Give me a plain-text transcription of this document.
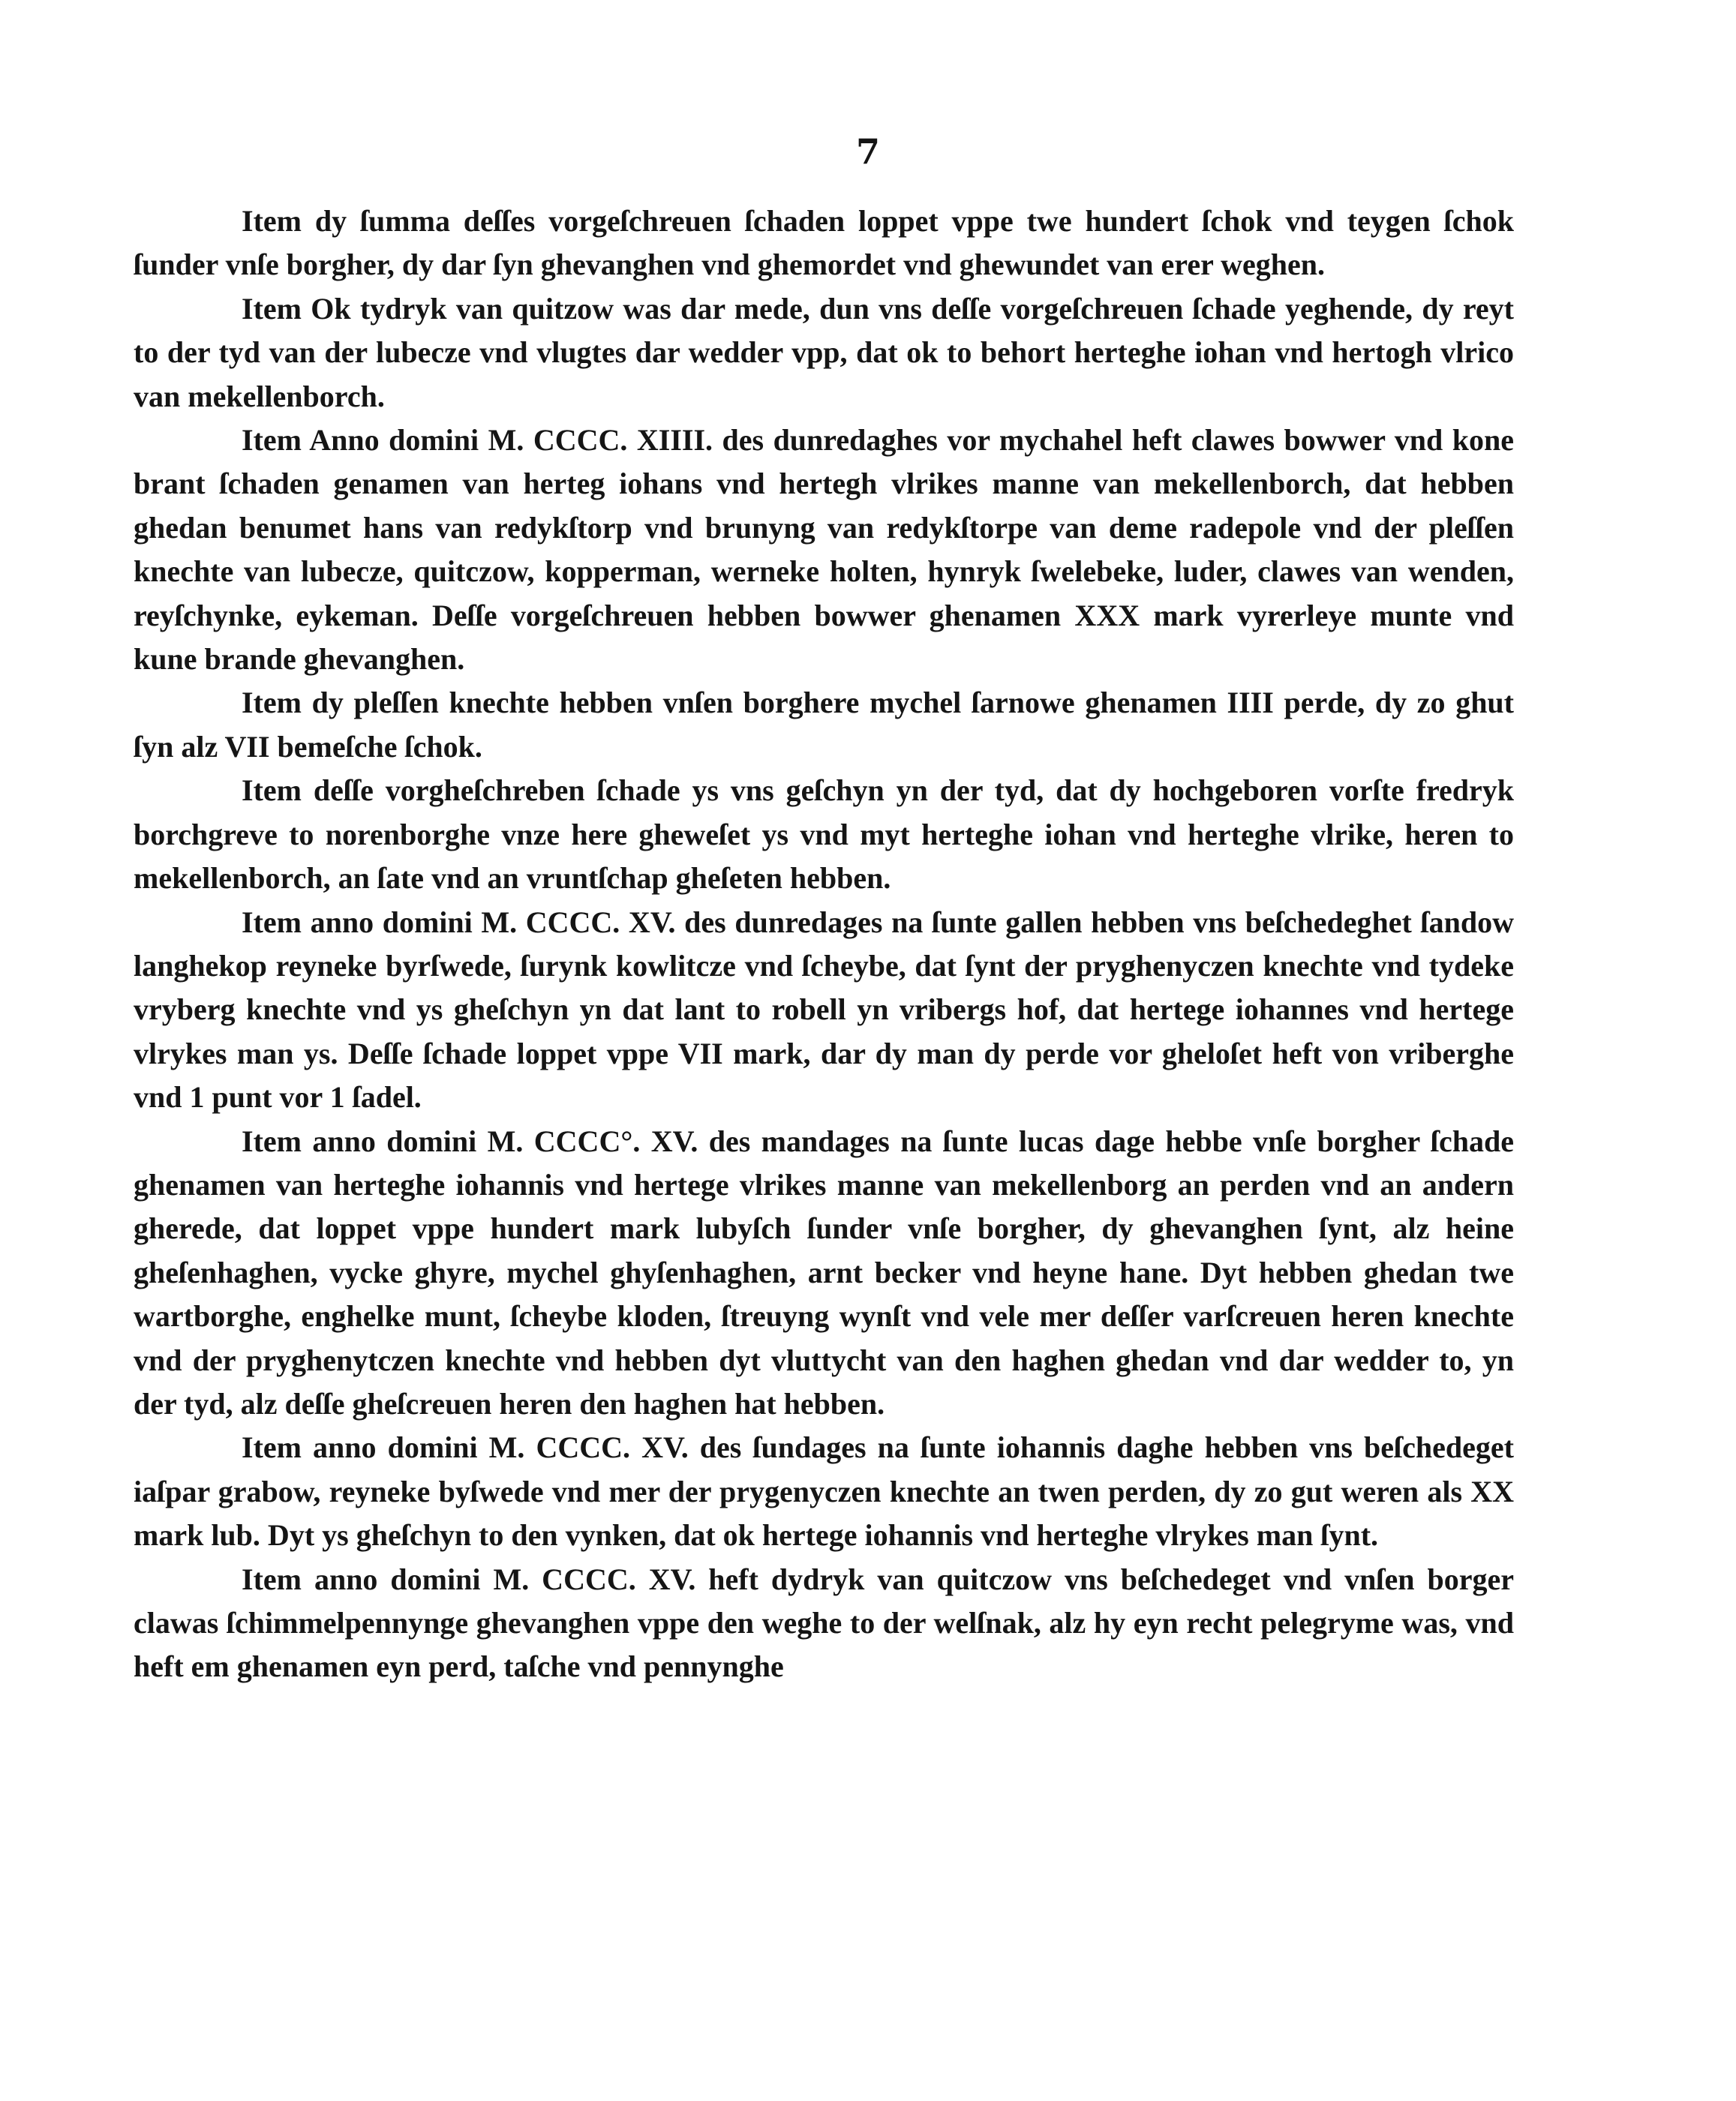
7

Item dy ſumma deſſes vorgeſchreuen ſchaden loppet vppe twe hundert ſchok vnd teygen ſchok ſunder vnſe borgher, dy dar ſyn ghevanghen vnd ghemordet vnd ghewundet van erer weghen.

Item Ok tydryk van quitzow was dar mede, dun vns deſſe vorgeſchreuen ſchade yeghende, dy reyt to der tyd van der lubecze vnd vlugtes dar wedder vpp, dat ok to behort herteghe iohan vnd hertogh vlrico van mekellenborch.

Item Anno domini M. CCCC. XIIII. des dunredaghes vor mychahel heft clawes bowwer vnd kone brant ſchaden genamen van herteg iohans vnd hertegh vlrikes manne van mekellenborch, dat hebben ghedan benumet hans van redykſtorp vnd brunyng van redykſtorpe van deme radepole vnd der pleſſen knechte van lubecze, quitczow, kopperman, werneke holten, hynryk ſwelebeke, luder, clawes van wenden, reyſchynke, eykeman. Deſſe vorgeſchreuen hebben bowwer ghenamen XXX mark vyrerleye munte vnd kune brande ghevanghen.

Item dy pleſſen knechte hebben vnſen borghere mychel ſarnowe ghenamen IIII perde, dy zo ghut ſyn alz VII bemeſche ſchok.

Item deſſe vorgheſchreben ſchade ys vns geſchyn yn der tyd, dat dy hochgeboren vorſte fredryk borchgreve to norenborghe vnze here gheweſet ys vnd myt herteghe iohan vnd herteghe vlrike, heren to mekellenborch, an ſate vnd an vruntſchap gheſeten hebben.

Item anno domini M. CCCC. XV. des dunredages na ſunte gallen hebben vns beſchedeghet ſandow langhekop reyneke byrſwede, ſurynk kowlitcze vnd ſcheybe, dat ſynt der pryghenyczen knechte vnd tydeke vryberg knechte vnd ys gheſchyn yn dat lant to robell yn vribergs hof, dat hertege iohannes vnd hertege vlrykes man ys. Deſſe ſchade loppet vppe VII mark, dar dy man dy perde vor gheloſet heft von vriberghe vnd 1 punt vor 1 ſadel.

Item anno domini M. CCCC°. XV. des mandages na ſunte lucas dage hebbe vnſe borgher ſchade ghenamen van herteghe iohannis vnd hertege vlrikes manne van mekellenborg an perden vnd an andern gherede, dat loppet vppe hundert mark lubyſch ſunder vnſe borgher, dy ghevanghen ſynt, alz heine gheſenhaghen, vycke ghyre, mychel ghyſenhaghen, arnt becker vnd heyne hane. Dyt hebben ghedan twe wartborghe, enghelke munt, ſcheybe kloden, ſtreuyng wynſt vnd vele mer deſſer varſcreuen heren knechte vnd der pryghenytczen knechte vnd hebben dyt vluttycht van den haghen ghedan vnd dar wedder to, yn der tyd, alz deſſe gheſcreuen heren den haghen hat hebben.

Item anno domini M. CCCC. XV. des ſundages na ſunte iohannis daghe hebben vns beſchedeget iaſpar grabow, reyneke byſwede vnd mer der prygenyczen knechte an twen perden, dy zo gut weren als XX mark lub. Dyt ys gheſchyn to den vynken, dat ok hertege iohannis vnd herteghe vlrykes man ſynt.

Item anno domini M. CCCC. XV. heft dydryk van quitczow vns beſchedeget vnd vnſen borger clawas ſchimmelpennynge ghevanghen vppe den weghe to der welſnak, alz hy eyn recht pelegryme was, vnd heft em ghenamen eyn perd, taſche vnd pennynghe
